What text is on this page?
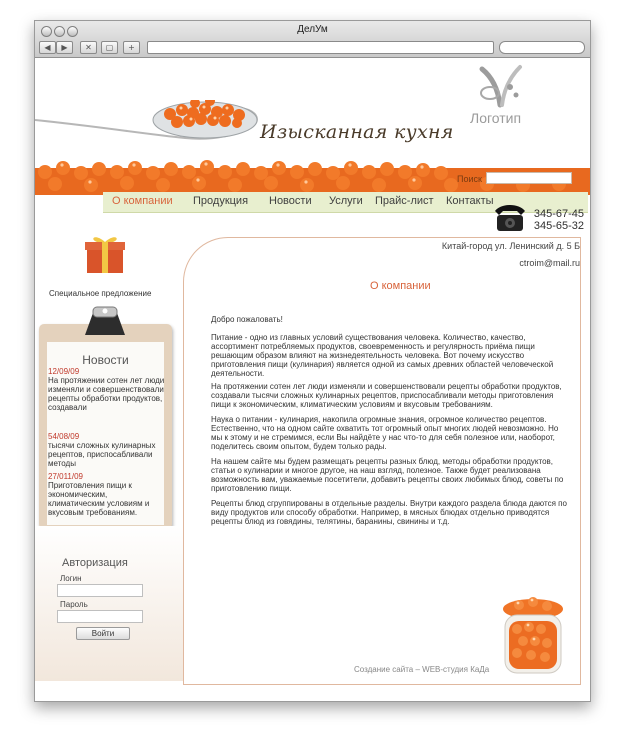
ДелУм
◀	▶	✕	▢	+
Изысканная кухня
Логотип
Поиск
О компании Продукция Новости Услуги Прайс-лист Контакты
345-67-45
345-65-32
Специальное предложение
Новости
12/09/09
На протяжении сотен лет люди изменяли и совершенствовали рецепты обработки продуктов, создавали
54/08/09
тысячи сложных кулинарных рецептов, приспосабливали методы
27/011/09
Приготовления пищи к экономическим, климатическим условиям и вкусовым требованиям.
Авторизация
Логин
Пароль
Войти
Китай-город ул. Ленинский д. 5 Б
ctroim@mail.ru
О компании
Добро пожаловать!
Питание - одно из главных условий существования человека. Количество, качество, ассортимент потребляемых продуктов, своевременность и регулярность приёма пищи решающим образом влияют на жизнедеятельность человека. Вот почему искусство приготовления пищи (кулинария) является одной из самых древних областей человеческой деятельности.
На протяжении сотен лет люди изменяли и совершенствовали рецепты обработки продуктов, создавали тысячи сложных кулинарных рецептов, приспосабливали методы приготовления пищи к экономическим, климатическим условиям и вкусовым требованиям.
Наука о питании - кулинария, накопила огромные знания, огромное количество рецептов. Естественно, что на одном сайте охватить тот огромный опыт многих людей невозможно. Но мы к этому и не стремимся, если Вы найдёте у нас что-то для себя полезное или, наоборот, поделитесь своим опытом, будем только рады.
На нашем сайте мы будем размещать рецепты разных блюд, методы обработки продуктов, статьи о кулинарии и многое другое, на наш взгляд, полезное. Также будет реализована возможность вам, уважаемые посетители, добавить рецепты своих любимых блюд, советы по приготовлению пищи.
Рецепты блюд сгруппированы в отдельные разделы. Внутри каждого раздела блюда даются по виду продуктов или способу обработки. Например, в мясных блюдах отдельно приводятся рецепты блюд из говядины, телятины, баранины, свинины и т.д.
Создание сайта – WEB-студия КаДа
